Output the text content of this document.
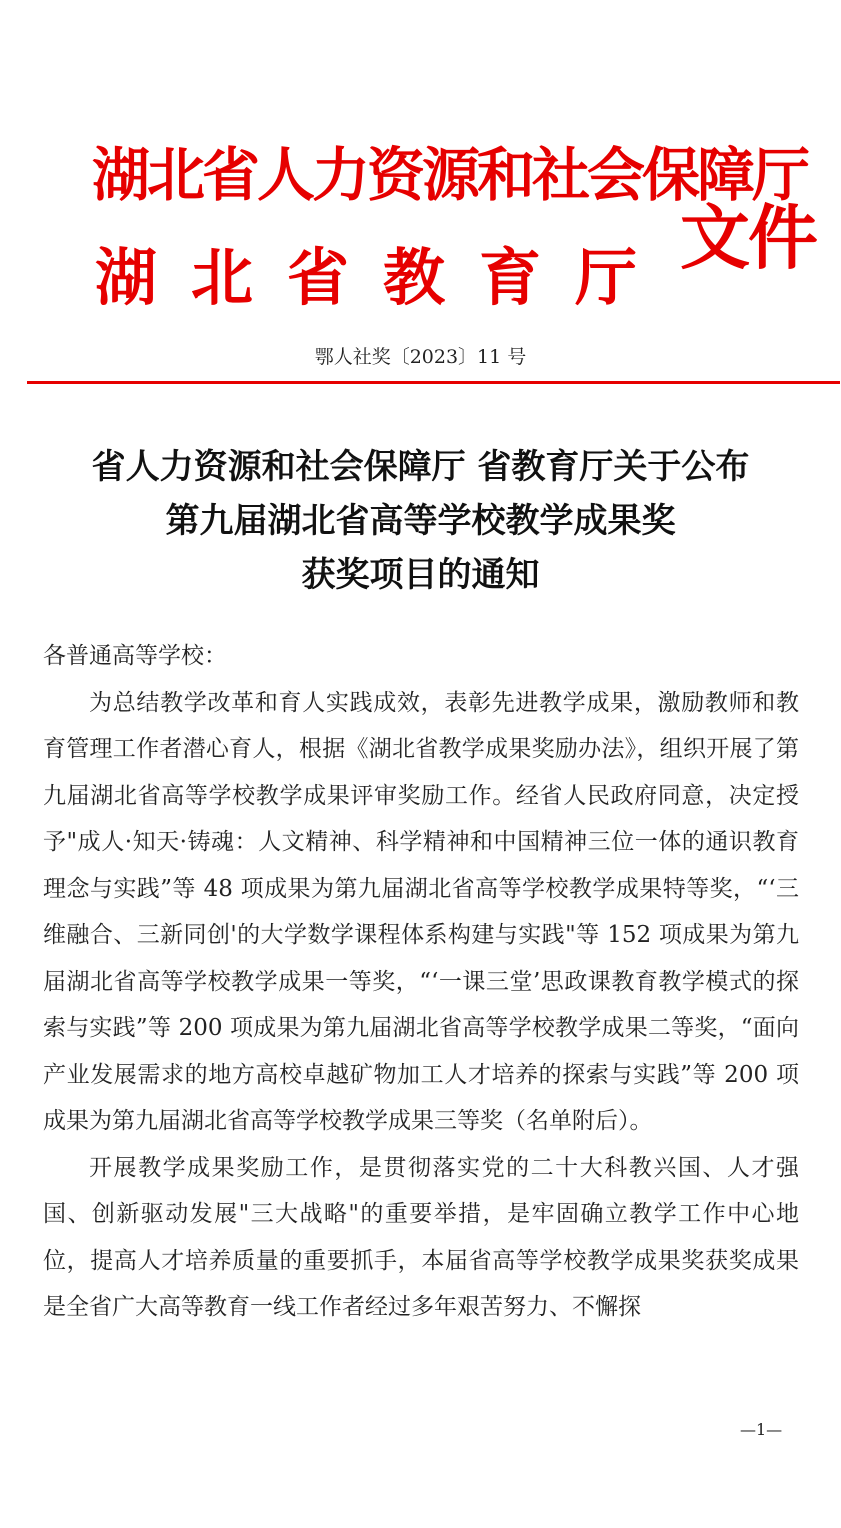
湖北省人力资源和社会保障厅
湖北省教育厅 文件
鄂人社奖〔2023〕11 号
省人力资源和社会保障厅 省教育厅关于公布
第九届湖北省高等学校教学成果奖
获奖项目的通知

各普通高等学校：

为总结教学改革和育人实践成效，表彰先进教学成果，激励教师和教育管理工作者潜心育人，根据《湖北省教学成果奖励办法》，组织开展了第九届湖北省高等学校教学成果评审奖励工作。经省人民政府同意，决定授予"成人·知天·铸魂：人文精神、科学精神和中国精神三位一体的通识教育理念与实践”等 48 项成果为第九届湖北省高等学校教学成果特等奖，“‘三维融合、三新同创'的大学数学课程体系构建与实践"等 152 项成果为第九届湖北省高等学校教学成果一等奖，“‘一课三堂’思政课教育教学模式的探索与实践”等 200 项成果为第九届湖北省高等学校教学成果二等奖，“面向产业发展需求的地方高校卓越矿物加工人才培养的探索与实践”等 200 项成果为第九届湖北省高等学校教学成果三等奖（名单附后）。

开展教学成果奖励工作，是贯彻落实党的二十大科教兴国、人才强国、创新驱动发展"三大战略"的重要举措，是牢固确立教学工作中心地位，提高人才培养质量的重要抓手，本届省高等学校教学成果奖获奖成果是全省广大高等教育一线工作者经过多年艰苦努力、不懈探

—1—
